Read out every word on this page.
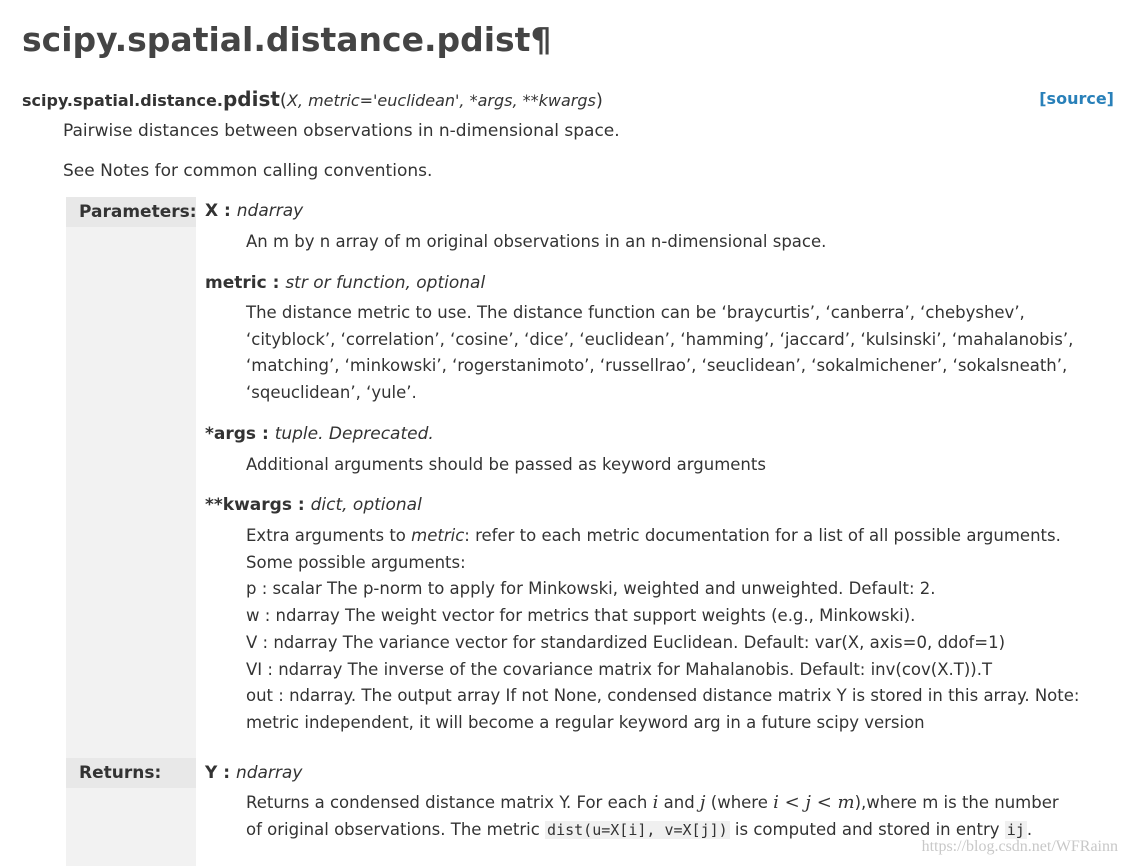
scipy.spatial.distance.pdist¶
scipy.spatial.distance.pdist(X, metric='euclidean', *args, **kwargs)	[source]
Pairwise distances between observations in n-dimensional space.
See Notes for common calling conventions.
Parameters:
Returns:
X : ndarray
An m by n array of m original observations in an n-dimensional space.
metric : str or function, optional
The distance metric to use. The distance function can be ‘braycurtis’, ‘canberra’, ‘chebyshev’,
‘cityblock’, ‘correlation’, ‘cosine’, ‘dice’, ‘euclidean’, ‘hamming’, ‘jaccard’, ‘kulsinski’, ‘mahalanobis’,
‘matching’, ‘minkowski’, ‘rogerstanimoto’, ‘russellrao’, ‘seuclidean’, ‘sokalmichener’, ‘sokalsneath’,
‘sqeuclidean’, ‘yule’.
*args : tuple. Deprecated.
Additional arguments should be passed as keyword arguments
**kwargs : dict, optional
Extra arguments to metric: refer to each metric documentation for a list of all possible arguments.
Some possible arguments:
p : scalar The p-norm to apply for Minkowski, weighted and unweighted. Default: 2.
w : ndarray The weight vector for metrics that support weights (e.g., Minkowski).
V : ndarray The variance vector for standardized Euclidean. Default: var(X, axis=0, ddof=1)
VI : ndarray The inverse of the covariance matrix for Mahalanobis. Default: inv(cov(X.T)).T
out : ndarray. The output array If not None, condensed distance matrix Y is stored in this array. Note:
metric independent, it will become a regular keyword arg in a future scipy version
Y : ndarray
Returns a condensed distance matrix Y. For each i and j (where i < j < m),where m is the number
of original observations. The metric dist(u=X[i], v=X[j]) is computed and stored in entry ij .
https://blog.csdn.net/WFRainn
